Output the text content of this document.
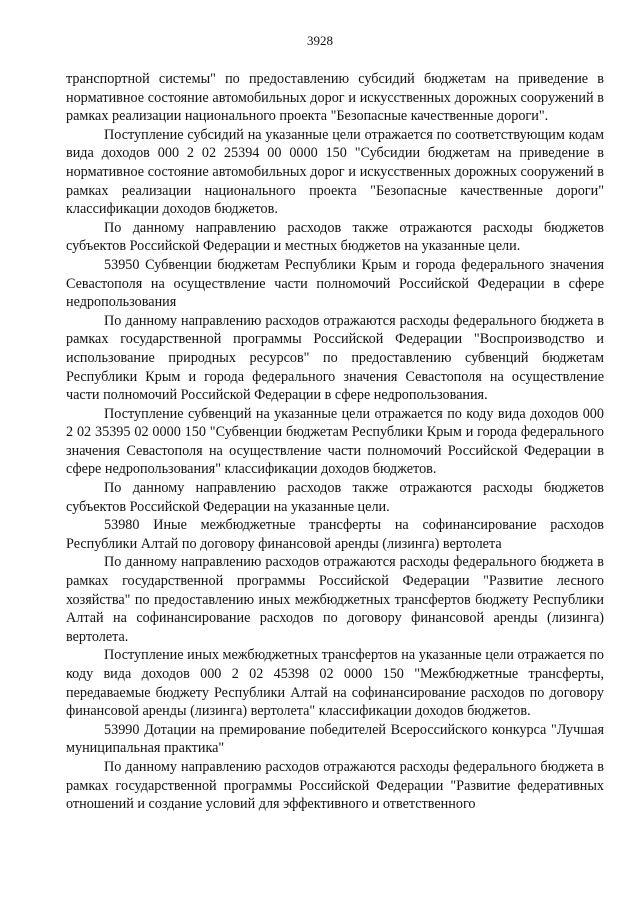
3928

транспортной системы" по предоставлению субсидий бюджетам на приведение в нормативное состояние автомобильных дорог и искусственных дорожных сооружений в рамках реализации национального проекта "Безопасные качественные дороги".

Поступление субсидий на указанные цели отражается по соответствующим кодам вида доходов 000 2 02 25394 00 0000 150 "Субсидии бюджетам на приведение в нормативное состояние автомобильных дорог и искусственных дорожных сооружений в рамках реализации национального проекта "Безопасные качественные дороги" классификации доходов бюджетов.

По данному направлению расходов также отражаются расходы бюджетов субъектов Российской Федерации и местных бюджетов на указанные цели.

53950 Субвенции бюджетам Республики Крым и города федерального значения Севастополя на осуществление части полномочий Российской Федерации в сфере недропользования

По данному направлению расходов отражаются расходы федерального бюджета в рамках государственной программы Российской Федерации "Воспроизводство и использование природных ресурсов" по предоставлению субвенций бюджетам Республики Крым и города федерального значения Севастополя на осуществление части полномочий Российской Федерации в сфере недропользования.

Поступление субвенций на указанные цели отражается по коду вида доходов 000 2 02 35395 02 0000 150 "Субвенции бюджетам Республики Крым и города федерального значения Севастополя на осуществление части полномочий Российской Федерации в сфере недропользования" классификации доходов бюджетов.

По данному направлению расходов также отражаются расходы бюджетов субъектов Российской Федерации на указанные цели.

53980 Иные межбюджетные трансферты на софинансирование расходов Республики Алтай по договору финансовой аренды (лизинга) вертолета

По данному направлению расходов отражаются расходы федерального бюджета в рамках государственной программы Российской Федерации "Развитие лесного хозяйства" по предоставлению иных межбюджетных трансфертов бюджету Республики Алтай на софинансирование расходов по договору финансовой аренды (лизинга) вертолета.

Поступление иных межбюджетных трансфертов на указанные цели отражается по коду вида доходов 000 2 02 45398 02 0000 150 "Межбюджетные трансферты, передаваемые бюджету Республики Алтай на софинансирование расходов по договору финансовой аренды (лизинга) вертолета" классификации доходов бюджетов.

53990 Дотации на премирование победителей Всероссийского конкурса "Лучшая муниципальная практика"

По данному направлению расходов отражаются расходы федерального бюджета в рамках государственной программы Российской Федерации "Развитие федеративных отношений и создание условий для эффективного и ответственного
